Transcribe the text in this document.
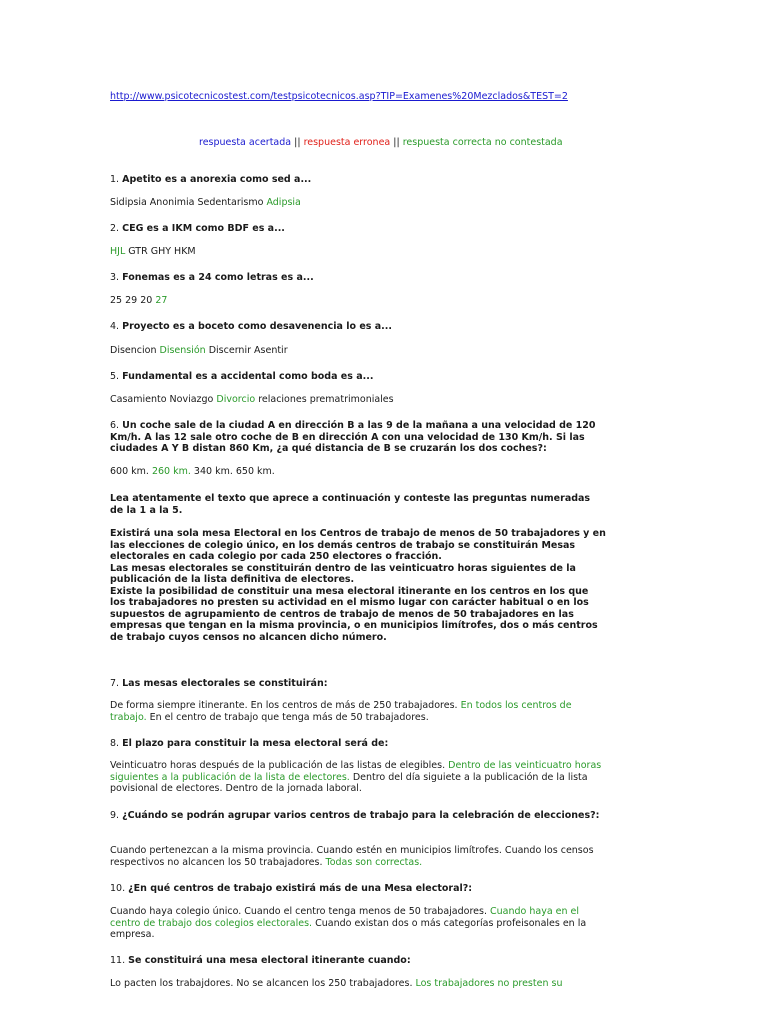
http://www.psicotecnicostest.com/testpsicotecnicos.asp?TIP=Examenes%20Mezclados&TEST=2
respuesta acertada || respuesta erronea || respuesta correcta no contestada
1. Apetito es a anorexia como sed a...
Sidipsia Anonimia Sedentarismo Adipsia
2. CEG es a IKM como BDF es a...
HJL GTR GHY HKM
3. Fonemas es a 24 como letras es a...
25 29 20 27
4. Proyecto es a boceto como desavenencia lo es a...
Disencion Disensión Discernir Asentir
5. Fundamental es a accidental como boda es a...
Casamiento Noviazgo Divorcio relaciones prematrimoniales
6. Un coche sale de la ciudad A en dirección B a las 9 de la mañana a una velocidad de 120 Km/h. A las 12 sale otro coche de B en dirección A con una velocidad de 130 Km/h. Si las ciudades A Y B distan 860 Km, ¿a qué distancia de B se cruzarán los dos coches?:
600 km. 260 km. 340 km. 650 km.
Lea atentamente el texto que aprece a continuación y conteste las preguntas numeradas de la 1 a la 5.

Existirá una sola mesa Electoral en los Centros de trabajo de menos de 50 trabajadores y en las elecciones de colegio único, en los demás centros de trabajo se constituirán Mesas electorales en cada colegio por cada 250 electores o fracción.

Las mesas electorales se constituirán dentro de las veinticuatro horas siguientes de la publicación de la lista definitiva de electores.

Existe la posibilidad de constituir una mesa electoral itinerante en los centros en los que los trabajadores no presten su actividad en el mismo lugar con carácter habitual o en los supuestos de agrupamiento de centros de trabajo de menos de 50 trabajadores en las empresas que tengan en la misma provincia, o en municipios limítrofes, dos o más centros de trabajo cuyos censos no alcancen dicho número.

7. Las mesas electorales se constituirán:
De forma siempre itinerante. En los centros de más de 250 trabajadores. En todos los centros de trabajo. En el centro de trabajo que tenga más de 50 trabajadores.
8. El plazo para constituir la mesa electoral será de:
Veinticuatro horas después de la publicación de las listas de elegibles. Dentro de las veinticuatro horas siguientes a la publicación de la lista de electores. Dentro del día siguiete a la publicación de la lista povisional de electores. Dentro de la jornada laboral.
9. ¿Cuándo se podrán agrupar varios centros de trabajo para la celebración de elecciones?:
Cuando pertenezcan a la misma provincia. Cuando estén en municipios limítrofes. Cuando los censos respectivos no alcancen los 50 trabajadores. Todas son correctas.
10. ¿En qué centros de trabajo existirá más de una Mesa electoral?:
Cuando haya colegio único. Cuando el centro tenga menos de 50 trabajadores. Cuando haya en el centro de trabajo dos colegios electorales. Cuando existan dos o más categorías profeisonales en la empresa.
11. Se constituirá una mesa electoral itinerante cuando:
Lo pacten los trabajdores. No se alcancen los 250 trabajadores. Los trabajadores no presten su
